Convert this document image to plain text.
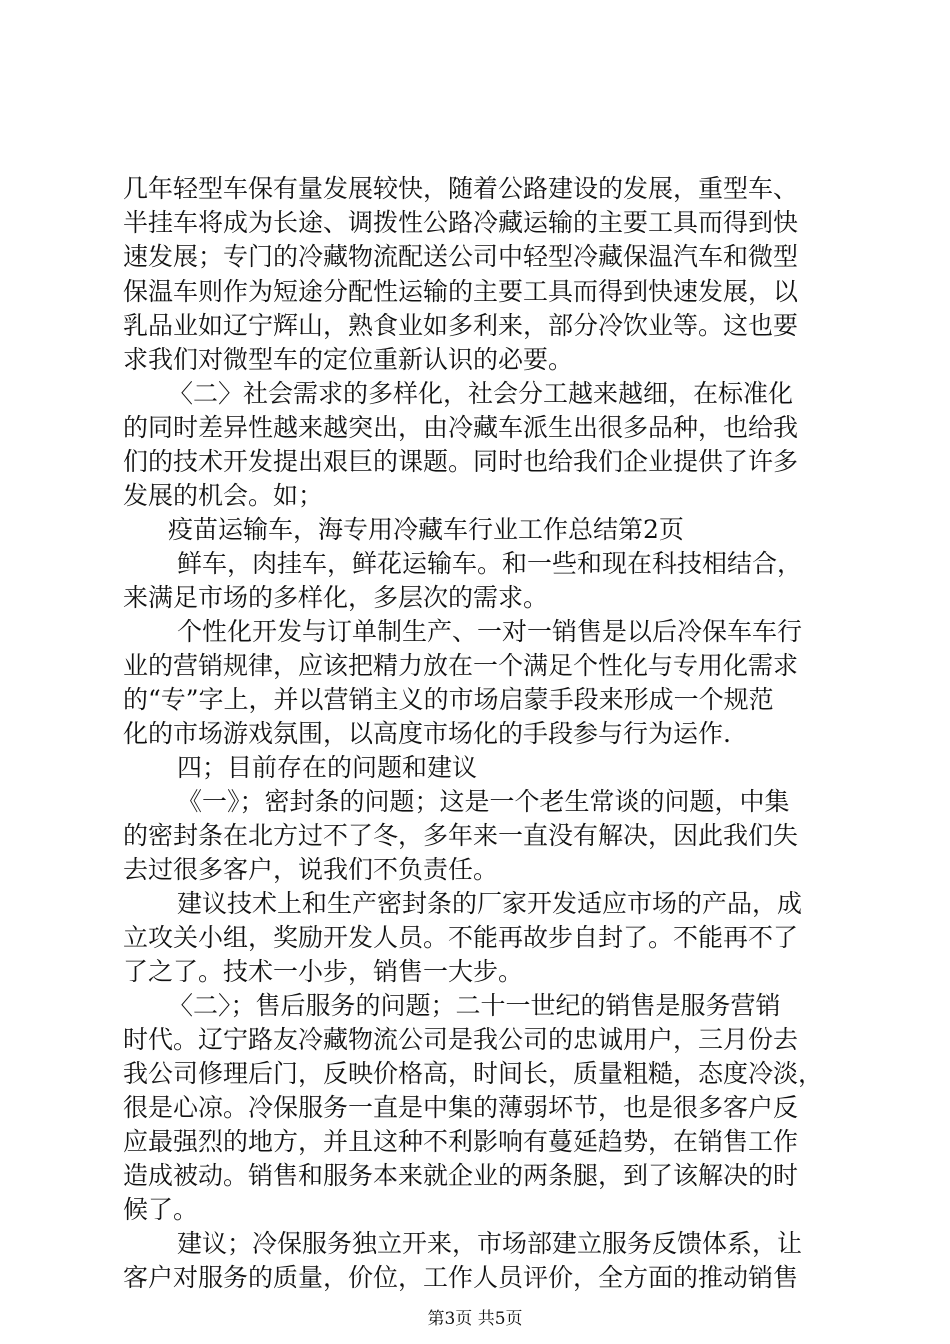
几年轻型车保有量发展较快，随着公路建设的发展，重型车、
半挂车将成为长途、调拨性公路冷藏运输的主要工具而得到快
速发展；专门的冷藏物流配送公司中轻型冷藏保温汽车和微型
保温车则作为短途分配性运输的主要工具而得到快速发展，以
乳品业如辽宁辉山，熟食业如多利来，部分冷饮业等。这也要
求我们对微型车的定位重新认识的必要。
〈二〉社会需求的多样化，社会分工越来越细，在标准化
的同时差异性越来越突出，由冷藏车派生出很多品种，也给我
们的技术开发提出艰巨的课题。同时也给我们企业提供了许多
发展的机会。如；
疫苗运输车，海专用冷藏车行业工作总结第2页
鲜车，肉挂车，鲜花运输车。和一些和现在科技相结合，
来满足市场的多样化，多层次的需求。
个性化开发与订单制生产、一对一销售是以后冷保车车行
业的营销规律，应该把精力放在一个满足个性化与专用化需求
的“专”字上，并以营销主义的市场启蒙手段来形成一个规范
化的市场游戏氛围，以高度市场化的手段参与行为运作.
四；目前存在的问题和建议
《一》；密封条的问题；这是一个老生常谈的问题，中集
的密封条在北方过不了冬，多年来一直没有解决，因此我们失
去过很多客户，说我们不负责任。
建议技术上和生产密封条的厂家开发适应市场的产品，成
立攻关小组，奖励开发人员。不能再故步自封了。不能再不了
了之了。技术一小步，销售一大步。
〈二〉；售后服务的问题；二十一世纪的销售是服务营销
时代。辽宁路友冷藏物流公司是我公司的忠诚用户，三月份去
我公司修理后门，反映价格高，时间长，质量粗糙，态度冷淡，
很是心凉。冷保服务一直是中集的薄弱坏节，也是很多客户反
应最强烈的地方，并且这种不利影响有蔓延趋势，在销售工作
造成被动。销售和服务本来就企业的两条腿，到了该解决的时
候了。
建议；冷保服务独立开来，市场部建立服务反馈体系，让
客户对服务的质量，价位，工作人员评价，全方面的推动销售
第3页 共5页
